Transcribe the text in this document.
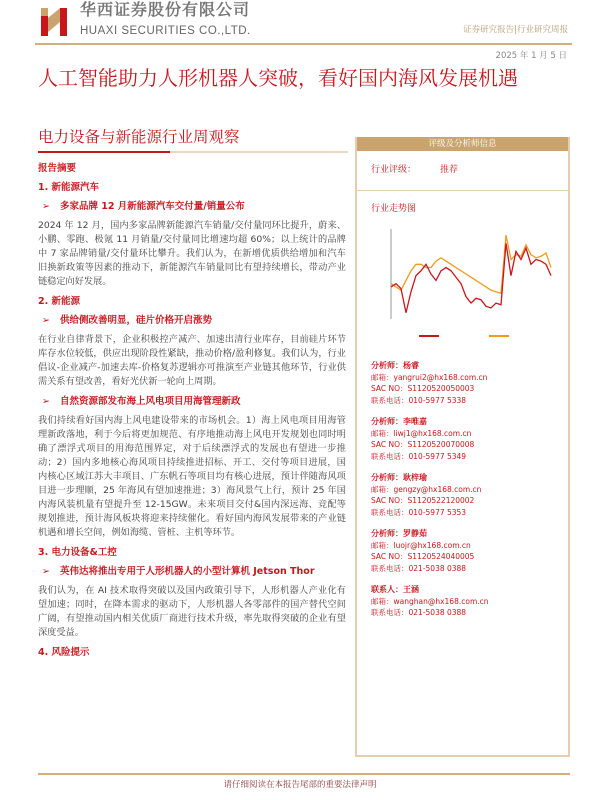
华西证券股份有限公司
HUAXI SECURITIES CO.,LTD.	证券研究报告|行业研究周报
2025 年 1 月 5 日
人工智能助力人形机器人突破，看好国内海风发展机遇
电力设备与新能源行业周观察
报告摘要
1. 新能源汽车
➢ 多家品牌 12 月新能源汽车交付量/销量公布
2024 年 12 月，国内多家品牌新能源汽车销量/交付量同环比提升，蔚来、小鹏、零跑、极氪 11 月销量/交付量同比增速均超 60%；以上统计的品牌中 7 家品牌销量/交付量环比攀升。我们认为，在新增优质供给增加和汽车旧换新政策等因素的推动下，新能源汽车销量同比有望持续增长，带动产业链稳定向好发展。
2. 新能源
➢ 供给侧改善明显，硅片价格开启涨势
在行业自律背景下，企业积极控产减产、加速出清行业库存，目前硅片环节库存水位较低，供应出现阶段性紧缺，推动价格/盈利修复。我们认为，行业倡议-企业减产-加速去库-价格复苏逻辑亦可推演至产业链其他环节，行业供需关系有望改善，看好光伏新一轮向上周期。
➢ 自然资源部发布海上风电项目用海管理新政
我们持续看好国内海上风电建设带来的市场机会。1）海上风电项目用海管理新政落地，利于今后将更加规范、有序地推动海上风电开发规划也同时明确了漂浮式项目的用海范围界定，对于后续漂浮式的发展也有望进一步推动；2）国内多地核心海风项目持续推进招标、开工、交付等项目进展，国内核心区域江苏大丰项目、广东帆石等项目均有核心进展，预计伴随海风项目进一步理顺，25 年海风有望加速推进；3）海风景气上行，预计 25 年国内海风装机量有望提升至 12-15GW。未来项目交付&国内深远海、竞配等规划推进，预计海风板块将迎来持续催化。看好国内海风发展带来的产业链机遇和增长空间，例如海缆、管桩、主机等环节。
3. 电力设备&工控
➢ 英伟达将推出专用于人形机器人的小型计算机 Jetson Thor
我们认为，在 AI 技术取得突破以及国内政策引导下，人形机器人产业化有望加速；同时，在降本需求的驱动下，人形机器人各零部件的国产替代空间广阔，有望推动国内相关优质厂商进行技术升级，率先取得突破的企业有望深度受益。
4. 风险提示
评级及分析师信息
行业评级：	推荐
行业走势图
分析师：杨睿
邮箱：yangrui2@hx168.com.cn
SAC NO：S1120520050003
联系电话：010-5977 5338
分析师：李唯嘉
邮箱：liwj1@hx168.com.cn
SAC NO：S1120520070008
联系电话：010-5977 5349
分析师：耿梓瑜
邮箱：gengzy@hx168.com.cn
SAC NO：S1120522120002
联系电话：010-5977 5353
分析师：罗静茹
邮箱：luojr@hx168.com.cn
SAC NO：S1120524040005
联系电话：021-5038 0388
联系人：王涵
邮箱：wanghan@hx168.com.cn
联系电话：021-5038 0388
请仔细阅读在本报告尾部的重要法律声明
